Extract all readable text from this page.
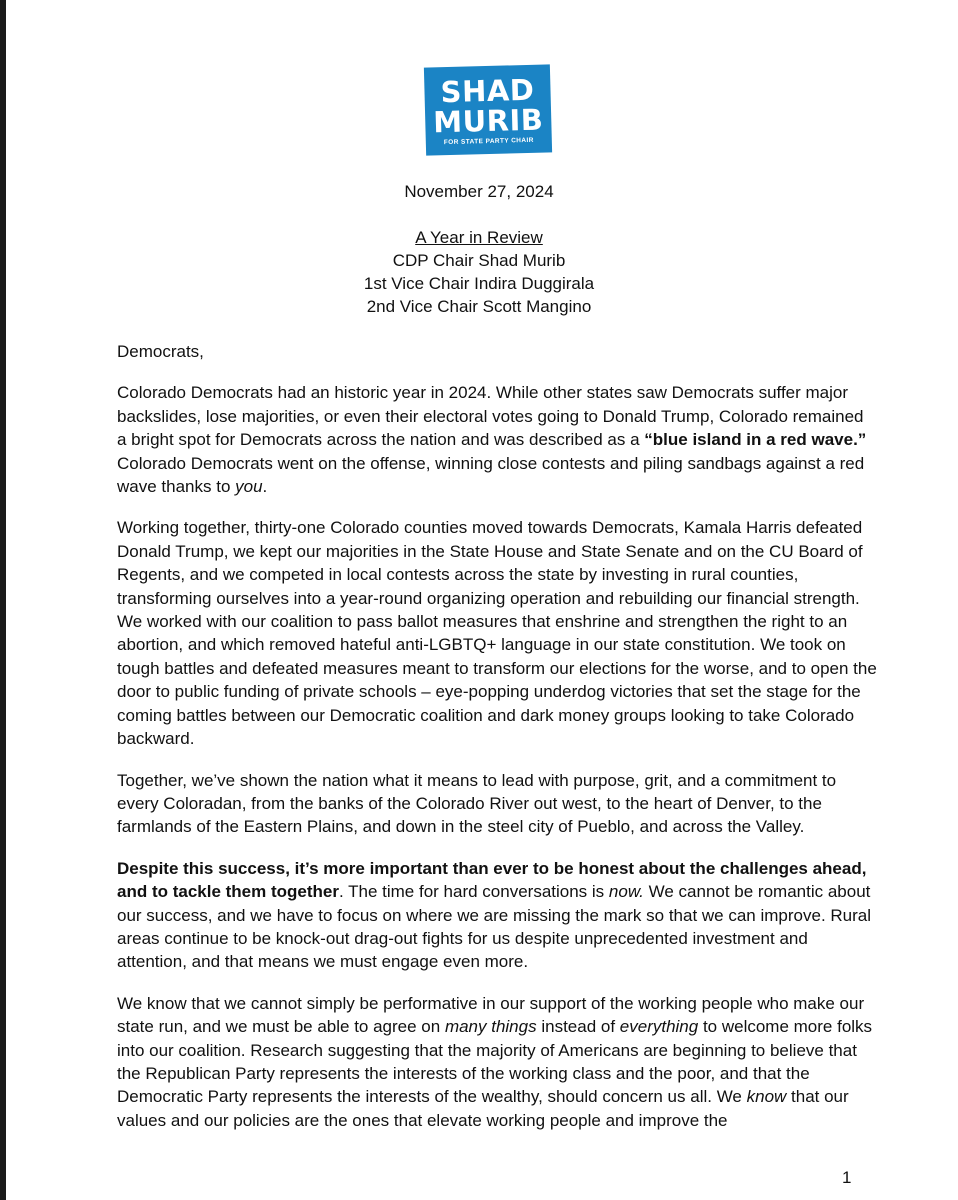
SHAD
MURIB
FOR STATE PARTY CHAIR
November 27, 2024
A Year in Review
CDP Chair Shad Murib
1st Vice Chair Indira Duggirala
2nd Vice Chair Scott Mangino

Democrats,

Colorado Democrats had an historic year in 2024. While other states saw Democrats suffer major backslides, lose majorities, or even their electoral votes going to Donald Trump, Colorado remained a bright spot for Democrats across the nation and was described as a “blue island in a red wave.” Colorado Democrats went on the offense, winning close contests and piling sandbags against a red wave thanks to you.

Working together, thirty-one Colorado counties moved towards Democrats, Kamala Harris defeated Donald Trump, we kept our majorities in the State House and State Senate and on the CU Board of Regents, and we competed in local contests across the state by investing in rural counties, transforming ourselves into a year-round organizing operation and rebuilding our financial strength. We worked with our coalition to pass ballot measures that enshrine and strengthen the right to an abortion, and which removed hateful anti-LGBTQ+ language in our state constitution. We took on tough battles and defeated measures meant to transform our elections for the worse, and to open the door to public funding of private schools – eye-popping underdog victories that set the stage for the coming battles between our Democratic coalition and dark money groups looking to take Colorado backward.

Together, we’ve shown the nation what it means to lead with purpose, grit, and a commitment to every Coloradan, from the banks of the Colorado River out west, to the heart of Denver, to the farmlands of the Eastern Plains, and down in the steel city of Pueblo, and across the Valley.

Despite this success, it’s more important than ever to be honest about the challenges ahead, and to tackle them together. The time for hard conversations is now. We cannot be romantic about our success, and we have to focus on where we are missing the mark so that we can improve. Rural areas continue to be knock-out drag-out fights for us despite unprecedented investment and attention, and that means we must engage even more.

We know that we cannot simply be performative in our support of the working people who make our state run, and we must be able to agree on many things instead of everything to welcome more folks into our coalition. Research suggesting that the majority of Americans are beginning to believe that the Republican Party represents the interests of the working class and the poor, and that the Democratic Party represents the interests of the wealthy, should concern us all. We know that our values and our policies are the ones that elevate working people and improve the

1
